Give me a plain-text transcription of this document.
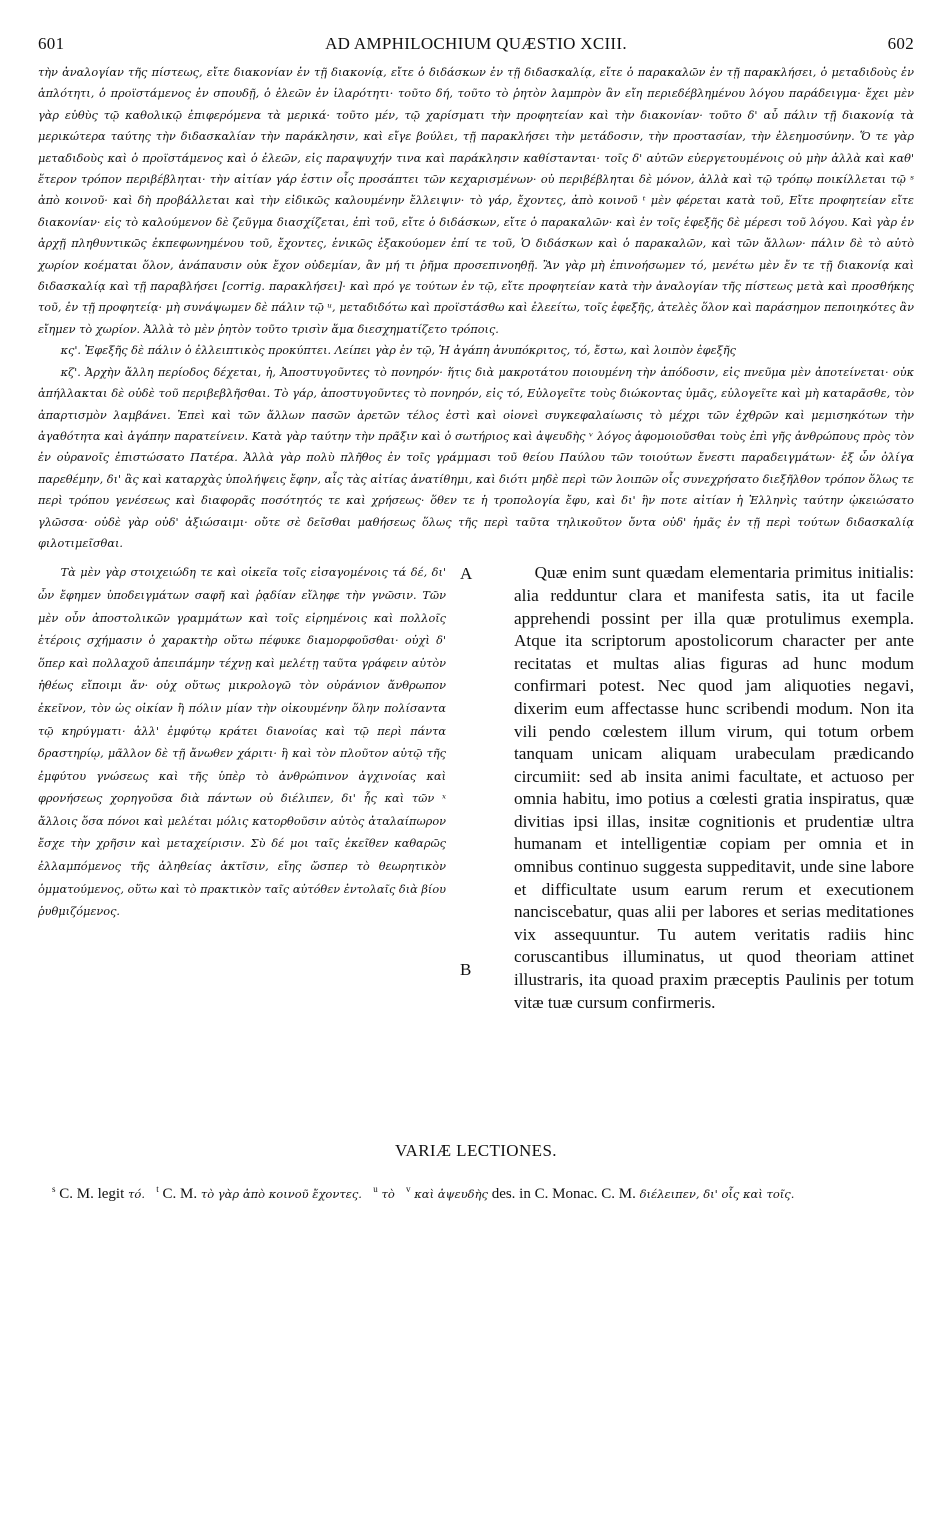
601	AD AMPHILOCHIUM QUÆSTIO XCIII.	602

τὴν ἀναλογίαν τῆς πίστεως, εἴτε διακονίαν ἐν τῇ διακονίᾳ, εἴτε ὁ διδάσκων ἐν τῇ διδασκαλίᾳ, εἴτε ὁ παρακαλῶν ἐν τῇ παρακλήσει, ὁ μεταδιδοὺς ἐν ἁπλότητι, ὁ προϊστάμενος ἐν σπουδῇ, ὁ ἐλεῶν ἐν ἱλαρότητι· τοῦτο δή, τοῦτο τὸ ῥητὸν λαμπρὸν ἂν εἴη περιεδέβλημένου λόγου παράδειγμα· ἔχει μὲν γὰρ εὐθὺς τῷ καθολικῷ ἐπιφερόμενα τὰ μερικά· τοῦτο μέν, τῷ χαρίσματι τὴν προφητείαν καὶ τὴν διακονίαν· τοῦτο δ' αὖ πάλιν τῇ διακονίᾳ τὰ μερικώτερα ταύτης τὴν διδασκαλίαν τὴν παράκλησιν, καὶ εἴγε βούλει, τῇ παρακλήσει τὴν μετάδοσιν, τὴν προστασίαν, τὴν ἐλεημοσύνην. Ὅ τε γὰρ μεταδιδοὺς καὶ ὁ προϊστάμενος καὶ ὁ ἐλεῶν, εἰς παραψυχήν τινα καὶ παράκλησιν καθίστανται· τοῖς δ' αὐτῶν εὐεργετουμένοις οὐ μὴν ἀλλὰ καὶ καθ' ἕτερον τρόπον περιβέβληται· τὴν αἰτίαν γάρ ἐστιν οἷς προσάπτει τῶν κεχαρισμένων· οὐ περιβέβληται δὲ μόνον, ἀλλὰ καὶ τῷ τρόπῳ ποικίλλεται τῷ ˢ ἀπὸ κοινοῦ· καὶ δὴ προβάλλεται καὶ τὴν εἰδικῶς καλουμένην ἔλλειψιν· τὸ γάρ, ἔχοντες, ἀπὸ κοινοῦ ᵗ μὲν φέρεται κατὰ τοῦ, Εἴτε προφητείαν εἴτε διακονίαν· εἰς τὸ καλούμενον δὲ ζεῦγμα διασχίζεται, ἐπὶ τοῦ, εἴτε ὁ διδάσκων, εἴτε ὁ παρακαλῶν· καὶ ἐν τοῖς ἐφεξῆς δὲ μέρεσι τοῦ λόγου. Καὶ γὰρ ἐν ἀρχῇ πληθυντικῶς ἐκπεφωνημένου τοῦ, ἔχοντες, ἑνικῶς ἐξακούομεν ἐπί τε τοῦ, Ὁ διδάσκων καὶ ὁ παρακαλῶν, καὶ τῶν ἄλλων· πάλιν δὲ τὸ αὐτὸ χωρίον κοέμαται ὅλον, ἀνάπαυσιν οὐκ ἔχον οὐδεμίαν, ἂν μή τι ῥῆμα προσεπινοηθῇ. Ἂν γὰρ μὴ ἐπινοήσωμεν τό, μενέτω μὲν ἔν τε τῇ διακονίᾳ καὶ διδασκαλίᾳ καὶ τῇ παραβλήσει [corrig. παρακλήσει]· καὶ πρό γε τούτων ἐν τῷ, εἴτε προφητείαν κατὰ τὴν ἀναλογίαν τῆς πίστεως μετὰ καὶ προσθήκης τοῦ, ἐν τῇ προφητείᾳ· μὴ συνάψωμεν δὲ πάλιν τῷ ᵘ, μεταδιδότω καὶ προϊστάσθω καὶ ἐλεείτω, τοῖς ἐφεξῆς, ἀτελὲς ὅλον καὶ παράσημον πεποιηκότες ἂν εἴημεν τὸ χωρίον. Ἀλλὰ τὸ μὲν ῥητὸν τοῦτο τρισὶν ἅμα διεσχηματίζετο τρόποις.

κς'. Ἐφεξῆς δὲ πάλιν ὁ ἐλλειπτικὸς προκύπτει. Λείπει γὰρ ἐν τῷ, Ἡ ἀγάπη ἀνυπόκριτος, τό, ἔστω, καὶ λοιπὸν ἐφεξῆς

κζ'. Ἀρχὴν ἄλλη περίοδος δέχεται, ἡ, Ἀποστυγοῦντες τὸ πονηρόν· ἥτις διὰ μακροτάτου ποιουμένη τὴν ἀπόδοσιν, εἰς πνεῦμα μὲν ἀποτείνεται· οὐκ ἀπήλλακται δὲ οὐδὲ τοῦ περιβεβλῆσθαι. Τὸ γάρ, ἀποστυγοῦντες τὸ πονηρόν, εἰς τό, Εὐλογεῖτε τοὺς διώκοντας ὑμᾶς, εὐλογεῖτε καὶ μὴ καταρᾶσθε, τὸν ἀπαρτισμὸν λαμβάνει. Ἐπεὶ καὶ τῶν ἄλλων πασῶν ἀρετῶν τέλος ἐστὶ καὶ οἱονεὶ συγκεφαλαίωσις τὸ μέχρι τῶν ἐχθρῶν καὶ μεμισηκότων τὴν ἀγαθότητα καὶ ἀγάπην παρατείνειν. Κατὰ γὰρ ταύτην τὴν πρᾶξιν καὶ ὁ σωτήριος καὶ ἀψευδὴς ᵛ λόγος ἀφομοιοῦσθαι τοὺς ἐπὶ γῆς ἀνθρώπους πρὸς τὸν ἐν οὐρανοῖς ἐπιστώσατο Πατέρα. Ἀλλὰ γὰρ πολὺ πλῆθος ἐν τοῖς γράμμασι τοῦ θείου Παύλου τῶν τοιούτων ἔνεστι παραδειγμάτων· ἐξ ὧν ὀλίγα παρεθέμην, δι' ἃς καὶ καταρχὰς ὑπολήψεις ἔφην, αἷς τὰς αἰτίας ἀνατίθημι, καὶ διότι μηδὲ περὶ τῶν λοιπῶν οἷς συνεχρήσατο διεξῆλθον τρόπον ὅλως τε περὶ τρόπου γενέσεως καὶ διαφορᾶς ποσότητός τε καὶ χρήσεως· ὅθεν τε ἡ τροπολογία ἔφυ, καὶ δι' ἣν ποτε αἰτίαν ἡ Ἑλληνὶς ταύτην ᾠκειώσατο γλῶσσα· οὐδὲ γὰρ οὐδ' ἀξιώσαιμι· οὔτε σὲ δεῖσθαι μαθήσεως ὅλως τῆς περὶ ταῦτα τηλικοῦτον ὄντα οὐδ' ἡμᾶς ἐν τῇ περὶ τούτων διδασκαλίᾳ φιλοτιμεῖσθαι.

Τὰ μὲν γὰρ στοιχειώδη τε καὶ οἰκεῖα τοῖς εἰσαγομένοις τά δέ, δι' ὧν ἔφημεν ὑποδειγμάτων σαφῆ καὶ ῥᾳδίαν εἴληφε τὴν γνῶσιν. Τῶν μὲν οὖν ἀποστολικῶν γραμμάτων καὶ τοῖς εἰρημένοις καὶ πολλοῖς ἑτέροις σχήμασιν ὁ χαρακτὴρ οὕτω πέφυκε διαμορφοῦσθαι· οὐχὶ δ' ὅπερ καὶ πολλαχοῦ ἀπειπάμην τέχνῃ καὶ μελέτῃ ταῦτα γράφειν αὐτὸν ἠθέως εἴποιμι ἄν· οὐχ οὕτως μικρολογῶ τὸν οὐράνιον ἄνθρωπον ἐκεῖνον, τὸν ὡς οἰκίαν ἢ πόλιν μίαν τὴν οἰκουμένην ὅλην πολίσαντα τῷ κηρύγματι· ἀλλ' ἐμφύτῳ κράτει διανοίας καὶ τῷ περὶ πάντα δραστηρίῳ, μᾶλλον δὲ τῇ ἄνωθεν χάριτι· ἣ καὶ τὸν πλοῦτον αὐτῷ τῆς ἐμφύτου γνώσεως καὶ τῆς ὑπὲρ τὸ ἀνθρώπινον ἀγχινοίας καὶ φρονήσεως χορηγοῦσα διὰ πάντων οὐ διέλιπεν, δι' ἧς καὶ τῶν ˣ ἄλλοις ὅσα πόνοι καὶ μελέται μόλις κατορθοῦσιν αὐτὸς ἀταλαίπωρον ἔσχε τὴν χρῆσιν καὶ μεταχείρισιν. Σὺ δέ μοι ταῖς ἐκεῖθεν καθαρῶς ἐλλαμπόμενος τῆς ἀληθείας ἀκτῖσιν, εἴης ὥσπερ τὸ θεωρητικὸν ὁμματούμενος, οὕτω καὶ τὸ πρακτικὸν ταῖς αὐτόθεν ἐντολαῖς διὰ βίου ῥυθμιζόμενος.

A
B

Quæ enim sunt quædam elementaria primitus initialis: alia redduntur clara et manifesta satis, ita ut facile apprehendi possint per illa quæ protulimus exempla. Atque ita scriptorum apostolicorum character per ante recitatas et multas alias figuras ad hunc modum confirmari potest. Nec quod jam aliquoties negavi, dixerim eum affectasse hunc scribendi modum. Non ita vili pendo cœlestem illum virum, qui totum orbem tanquam unicam aliquam urabeculam prædicando circumiit: sed ab insita animi facultate, et actuoso per omnia habitu, imo potius a cœlesti gratia inspiratus, quæ divitias ipsi illas, insitæ cognitionis et prudentiæ ultra humanam et intelligentiæ copiam per omnia et in omnibus continuo suggesta suppeditavit, unde sine labore et difficultate usum earum rerum et executionem nanciscebatur, quas alii per labores et serias meditationes vix assequuntur. Tu autem veritatis radiis hinc coruscantibus illuminatus, ut quod theoriam attinet illustraris, ita quoad praxim præceptis Paulinis per totum vitæ tuæ cursum confirmeris.

VARIÆ LECTIONES.
$^s$ C. M. legit τό. $^t$ C. M. τὸ γὰρ ἀπὸ κοινοῦ ἔχοντες. $^u$ τὸ $^v$ καὶ ἀψευδὴς des. in C. Monac. C. M. διέλειπεν, δι' οἷς καὶ τοῖς.
